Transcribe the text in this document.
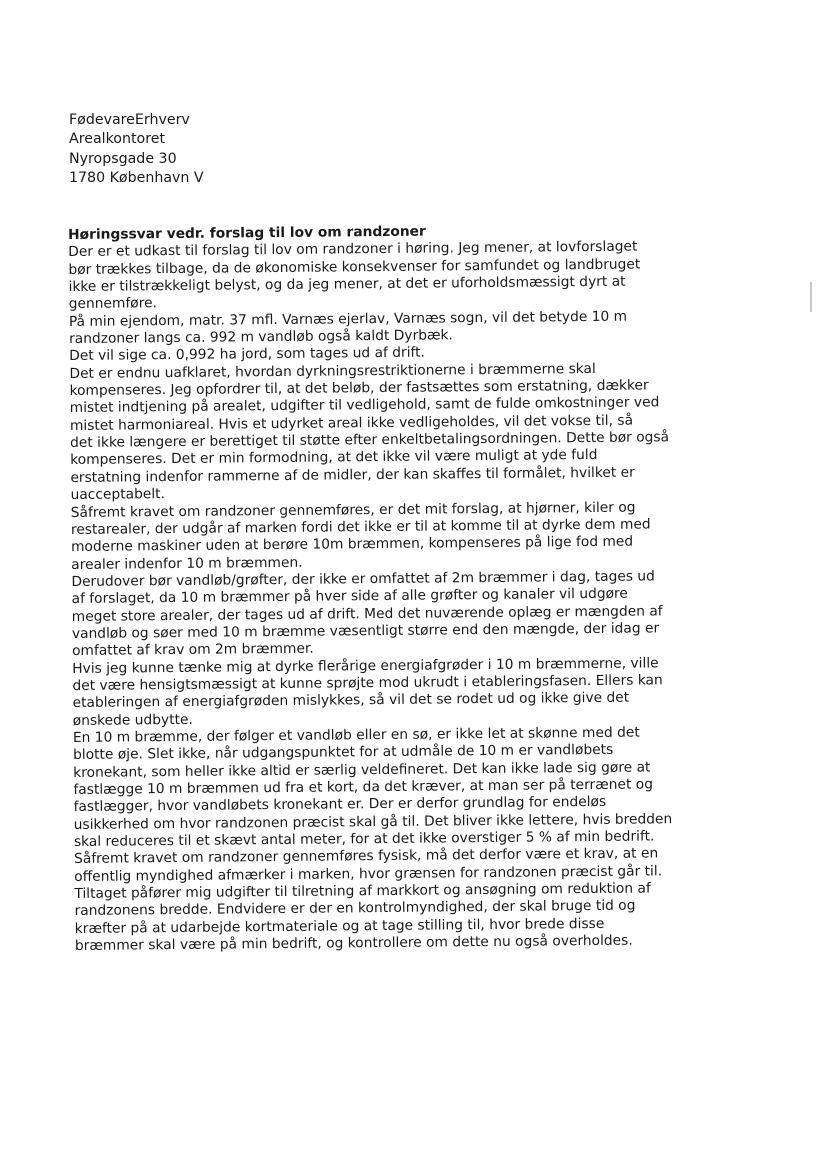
FødevareErhverv
Arealkontoret
Nyropsgade 30
1780 København V
Høringssvar vedr. forslag til lov om randzoner
Der er et udkast til forslag til lov om randzoner i høring. Jeg mener, at lovforslaget
bør trækkes tilbage, da de økonomiske konsekvenser for samfundet og landbruget
ikke er tilstrækkeligt belyst, og da jeg mener, at det er uforholdsmæssigt dyrt at
gennemføre.
På min ejendom, matr. 37 mfl. Varnæs ejerlav, Varnæs sogn, vil det betyde 10 m
randzoner langs ca. 992 m vandløb også kaldt Dyrbæk.
Det vil sige ca. 0,992 ha jord, som tages ud af drift.
Det er endnu uafklaret, hvordan dyrkningsrestriktionerne i bræmmerne skal
kompenseres. Jeg opfordrer til, at det beløb, der fastsættes som erstatning, dækker
mistet indtjening på arealet, udgifter til vedligehold, samt de fulde omkostninger ved
mistet harmoniareal. Hvis et udyrket areal ikke vedligeholdes, vil det vokse til, så
det ikke længere er berettiget til støtte efter enkeltbetalingsordningen. Dette bør også
kompenseres. Det er min formodning, at det ikke vil være muligt at yde fuld
erstatning indenfor rammerne af de midler, der kan skaffes til formålet, hvilket er
uacceptabelt.
Såfremt kravet om randzoner gennemføres, er det mit forslag, at hjørner, kiler og
restarealer, der udgår af marken fordi det ikke er til at komme til at dyrke dem med
moderne maskiner uden at berøre 10m bræmmen, kompenseres på lige fod med
arealer indenfor 10 m bræmmen.
Derudover bør vandløb/grøfter, der ikke er omfattet af 2m bræmmer i dag, tages ud
af forslaget, da 10 m bræmmer på hver side af alle grøfter og kanaler vil udgøre
meget store arealer, der tages ud af drift. Med det nuværende oplæg er mængden af
vandløb og søer med 10 m bræmme væsentligt større end den mængde, der idag er
omfattet af krav om 2m bræmmer.
Hvis jeg kunne tænke mig at dyrke flerårige energiafgrøder i 10 m bræmmerne, ville
det være hensigtsmæssigt at kunne sprøjte mod ukrudt i etableringsfasen. Ellers kan
etableringen af energiafgrøden mislykkes, så vil det se rodet ud og ikke give det
ønskede udbytte.
En 10 m bræmme, der følger et vandløb eller en sø, er ikke let at skønne med det
blotte øje. Slet ikke, når udgangspunktet for at udmåle de 10 m er vandløbets
kronekant, som heller ikke altid er særlig veldefineret. Det kan ikke lade sig gøre at
fastlægge 10 m bræmmen ud fra et kort, da det kræver, at man ser på terrænet og
fastlægger, hvor vandløbets kronekant er. Der er derfor grundlag for endeløs
usikkerhed om hvor randzonen præcist skal gå til. Det bliver ikke lettere, hvis bredden
skal reduceres til et skævt antal meter, for at det ikke overstiger 5 % af min bedrift.
Såfremt kravet om randzoner gennemføres fysisk, må det derfor være et krav, at en
offentlig myndighed afmærker i marken, hvor grænsen for randzonen præcist går til.
Tiltaget påfører mig udgifter til tilretning af markkort og ansøgning om reduktion af
randzonens bredde. Endvidere er der en kontrolmyndighed, der skal bruge tid og
kræfter på at udarbejde kortmateriale og at tage stilling til, hvor brede disse
bræmmer skal være på min bedrift, og kontrollere om dette nu også overholdes.
